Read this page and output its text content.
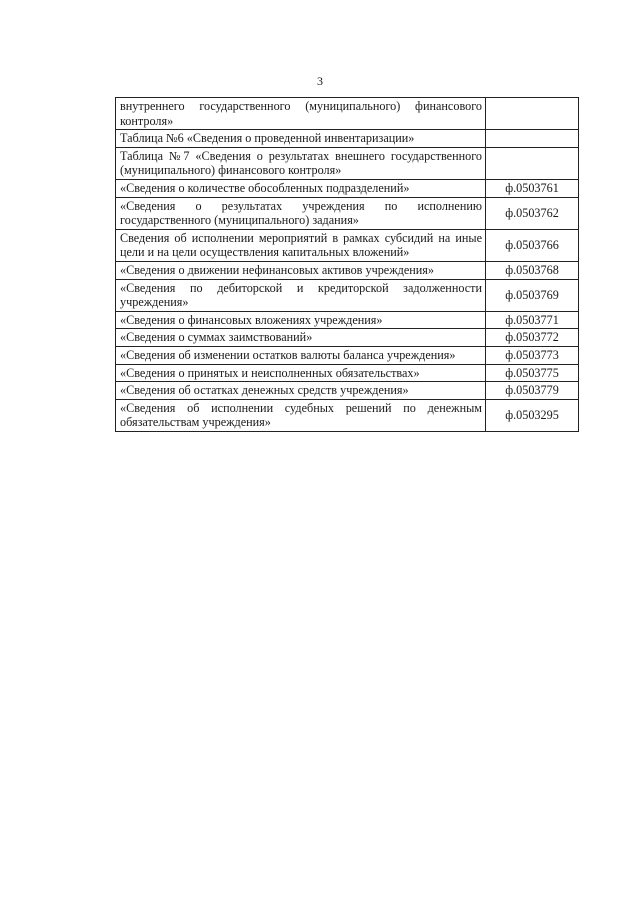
3
внутреннего государственного (муниципального) финансового контроля»	
Таблица №6 «Сведения о проведенной инвентаризации»	
Таблица №7 «Сведения о результатах внешнего государственного (муниципального) финансового контроля»	
«Сведения о количестве обособленных подразделений»	ф.0503761
«Сведения о результатах учреждения по исполнению государственного (муниципального) задания»	ф.0503762
Сведения об исполнении мероприятий в рамках субсидий на иные цели и на цели осуществления капитальных вложений»	ф.0503766
«Сведения о движении нефинансовых активов учреждения»	ф.0503768
«Сведения по дебиторской и кредиторской задолженности учреждения»	ф.0503769
«Сведения о финансовых вложениях учреждения»	ф.0503771
«Сведения о суммах заимствований»	ф.0503772
«Сведения об изменении остатков валюты баланса учреждения»	ф.0503773
«Сведения о принятых и неисполненных обязательствах»	ф.0503775
«Сведения об остатках денежных средств учреждения»	ф.0503779
«Сведения об исполнении судебных решений по денежным обязательствам учреждения»	ф.0503295
